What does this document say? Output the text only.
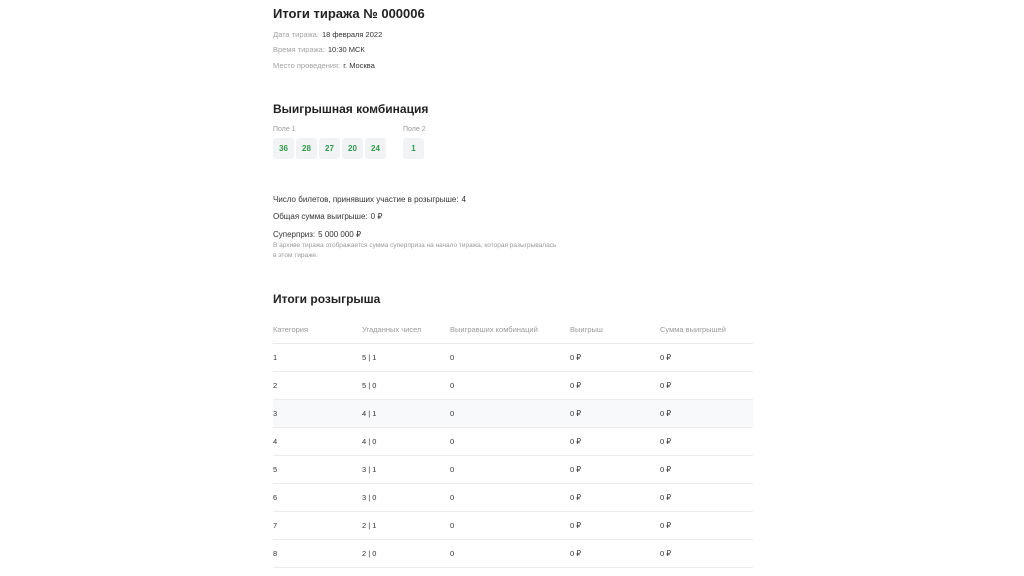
Итоги тиража № 000006
Дата тиража: 18 февраля 2022
Время тиража: 10:30 МСК
Место проведения: г. Москва
Выигрышная комбинация
Поле 1
36	28	27	20	24
Поле 2
1
Число билетов, принявших участие в розыгрыше: 4
Общая сумма выигрыше: 0 ₽
Суперприз: 5 000 000 ₽
В архиве тиража отображается сумма суперприза на начало тиража, которая разыгрывалась в этом тираже.
Итоги розыгрыша
Категория	Угаданных чисел	Выигравших комбинаций	Выигрыш	Сумма выигрышей
1	5 | 1	0	0 ₽	0 ₽
2	5 | 0	0	0 ₽	0 ₽
3	4 | 1	0	0 ₽	0 ₽
4	4 | 0	0	0 ₽	0 ₽
5	3 | 1	0	0 ₽	0 ₽
6	3 | 0	0	0 ₽	0 ₽
7	2 | 1	0	0 ₽	0 ₽
8	2 | 0	0	0 ₽	0 ₽
